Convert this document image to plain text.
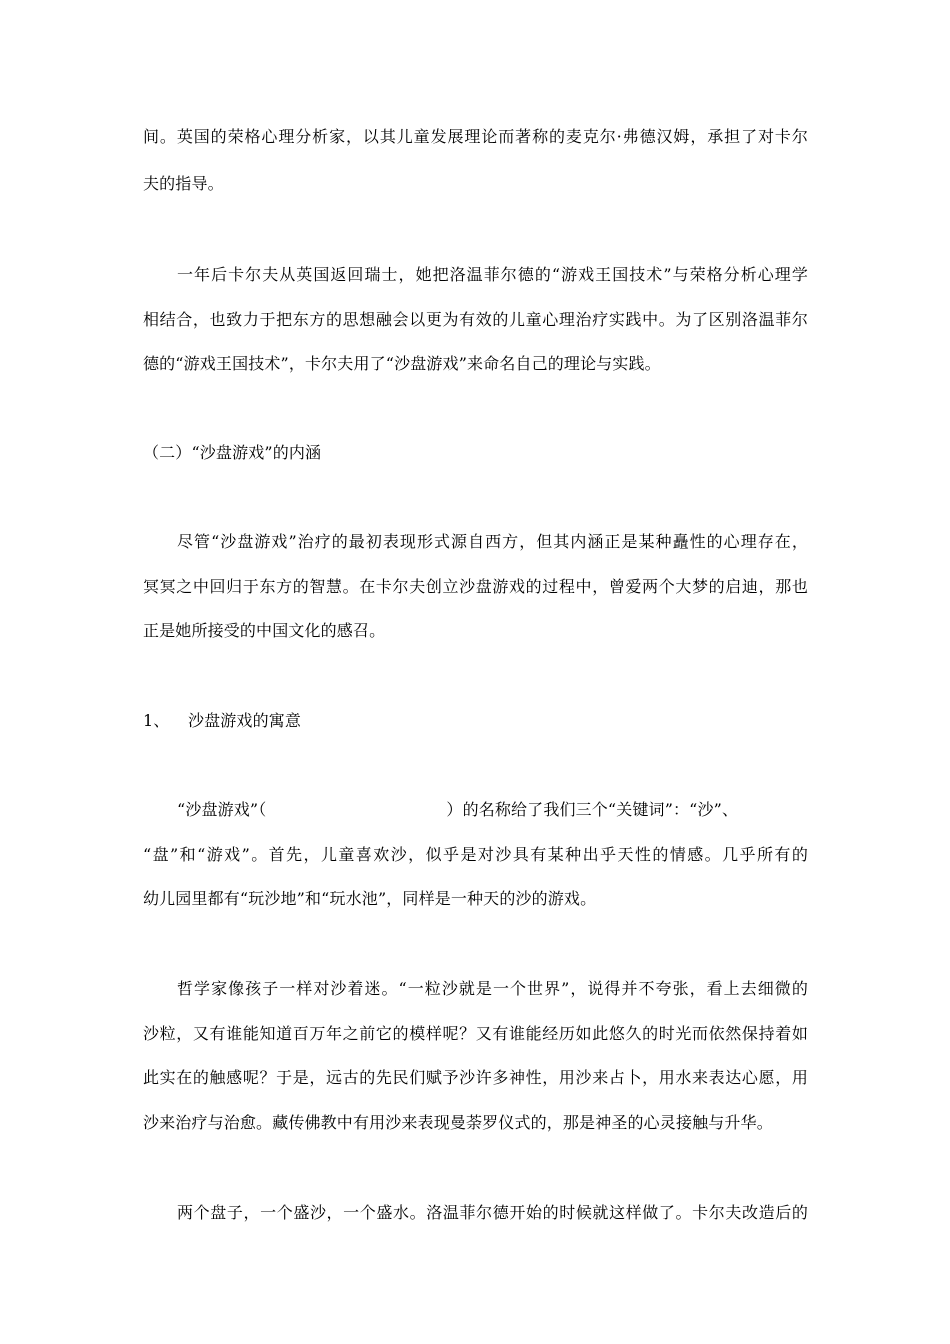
间。英国的荣格心理分析家，以其儿童发展理论而著称的麦克尔·弗德汉姆，承担了对卡尔
夫的指导。
一年后卡尔夫从英国返回瑞士，她把洛温菲尔德的“游戏王国技术”与荣格分析心理学
相结合，也致力于把东方的思想融会以更为有效的儿童心理治疗实践中。为了区别洛温菲尔
德的“游戏王国技术”，卡尔夫用了“沙盘游戏”来命名自己的理论与实践。
（二）“沙盘游戏”的内涵
尽管“沙盘游戏”治疗的最初表现形式源自西方，但其内涵正是某种矗性的心理存在，
冥冥之中回归于东方的智慧。在卡尔夫创立沙盘游戏的过程中，曾爱两个大梦的启迪，那也
正是她所接受的中国文化的感召。
1、 沙盘游戏的寓意
“沙盘游戏”（	）的名称给了我们三个“关键词”：“沙”、
“盘”和“游戏”。首先，儿童喜欢沙，似乎是对沙具有某种出乎天性的情感。几乎所有的
幼儿园里都有“玩沙地”和“玩水池”，同样是一种天的沙的游戏。
哲学家像孩子一样对沙着迷。“一粒沙就是一个世界”，说得并不夸张，看上去细微的
沙粒，又有谁能知道百万年之前它的模样呢？又有谁能经历如此悠久的时光而依然保持着如
此实在的触感呢？于是，远古的先民们赋予沙许多神性，用沙来占卜，用水来表达心愿，用
沙来治疗与治愈。藏传佛教中有用沙来表现曼荼罗仪式的，那是神圣的心灵接触与升华。
两个盘子，一个盛沙，一个盛水。洛温菲尔德开始的时候就这样做了。卡尔夫改造后的
